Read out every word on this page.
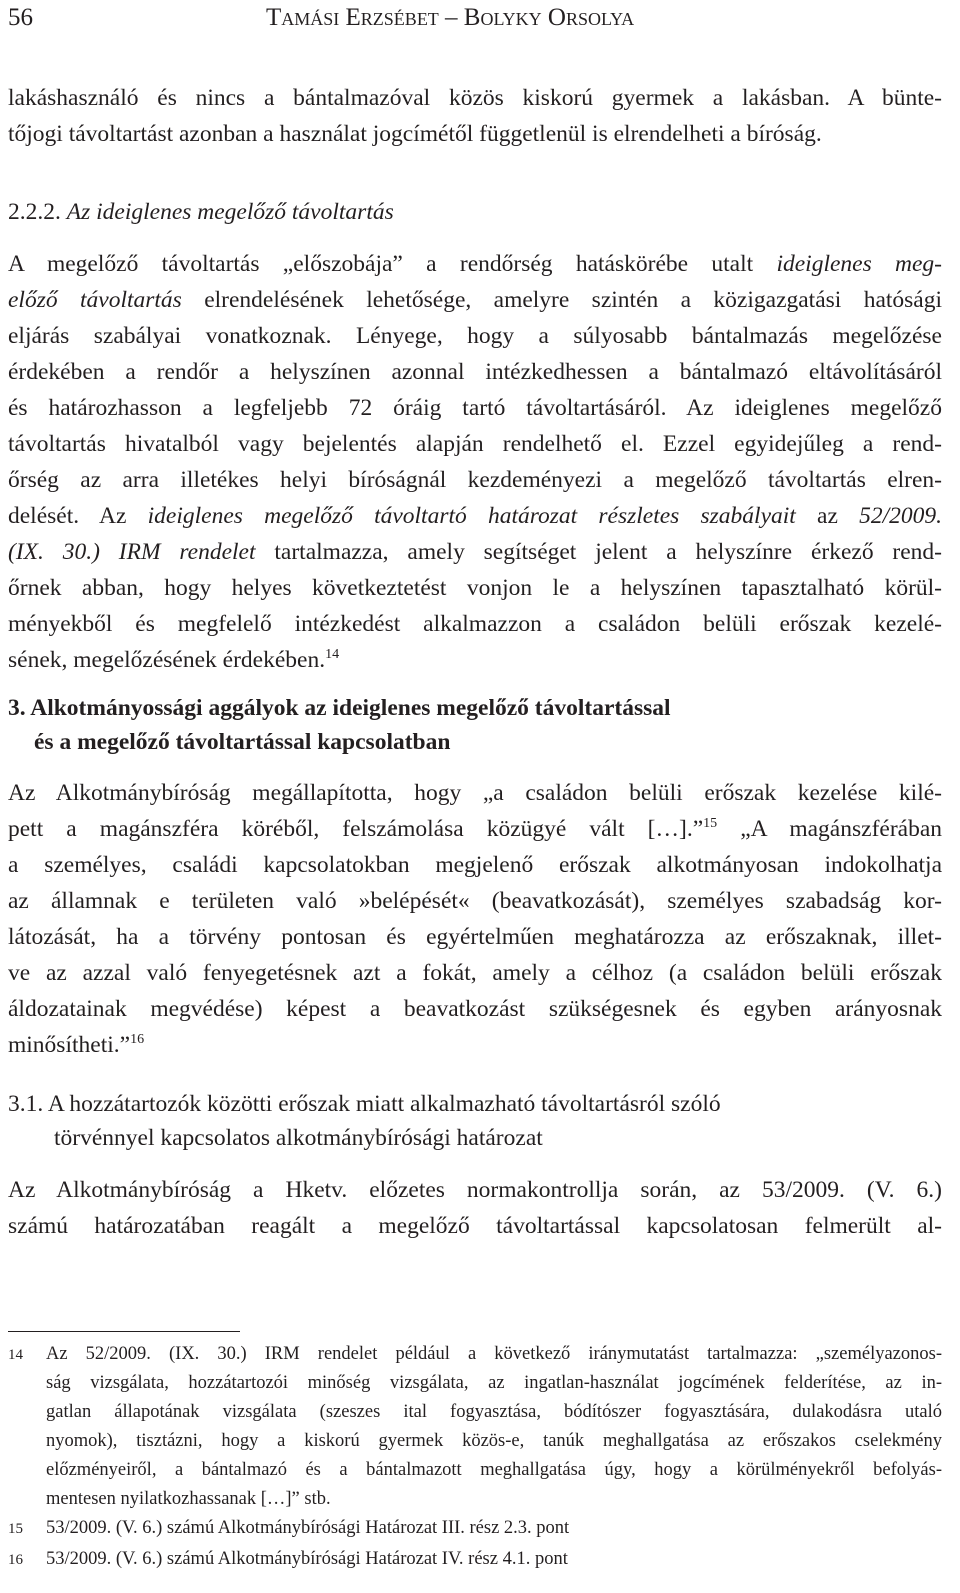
56	Tamási Erzsébet – Bolyky Orsolya
lakáshasználó és nincs a bántalmazóval közös kiskorú gyermek a lakásban. A bünte-
tőjogi távoltartást azonban a használat jogcímétől függetlenül is elrendelheti a bíróság.
2.2.2. Az ideiglenes megelőző távoltartás
A megelőző távoltartás „előszobája” a rendőrség hatáskörébe utalt ideiglenes meg-
előző távoltartás elrendelésének lehetősége, amelyre szintén a közigazgatási hatósági
eljárás szabályai vonatkoznak. Lényege, hogy a súlyosabb bántalmazás megelőzése
érdekében a rendőr a helyszínen azonnal intézkedhessen a bántalmazó eltávolításáról
és határozhasson a legfeljebb 72 óráig tartó távoltartásáról. Az ideiglenes megelőző
távoltartás hivatalból vagy bejelentés alapján rendelhető el. Ezzel egyidejűleg a rend-
őrség az arra illetékes helyi bíróságnál kezdeményezi a megelőző távoltartás elren-
delését. Az ideiglenes megelőző távoltartó határozat részletes szabályait az 52/2009.
(IX. 30.) IRM rendelet tartalmazza, amely segítséget jelent a helyszínre érkező rend-
őrnek abban, hogy helyes következtetést vonjon le a helyszínen tapasztalható körül-
ményekből és megfelelő intézkedést alkalmazzon a családon belüli erőszak kezelé-
sének, megelőzésének érdekében.$^{14}$
3. Alkotmányossági aggályok az ideiglenes megelőző távoltartással
és a megelőző távoltartással kapcsolatban
Az Alkotmánybíróság megállapította, hogy „a családon belüli erőszak kezelése kilé-
pett a magánszféra köréből, felszámolása közügyé vált […].”$^{15}$ „A magánszférában
a személyes, családi kapcsolatokban megjelenő erőszak alkotmányosan indokolhatja
az államnak e területen való »belépését« (beavatkozását), személyes szabadság kor-
látozását, ha a törvény pontosan és egyértelműen meghatározza az erőszaknak, illet-
ve az azzal való fenyegetésnek azt a fokát, amely a célhoz (a családon belüli erőszak
áldozatainak megvédése) képest a beavatkozást szükségesnek és egyben arányosnak
minősítheti.”$^{16}$
3.1. A hozzátartozók közötti erőszak miatt alkalmazható távoltartásról szóló
törvénnyel kapcsolatos alkotmánybírósági határozat
Az Alkotmánybíróság a Hketv. előzetes normakontrollja során, az 53/2009. (V. 6.)
számú határozatában reagált a megelőző távoltartással kapcsolatosan felmerült al-
14 Az 52/2009. (IX. 30.) IRM rendelet például a következő iránymutatást tartalmazza: „személyazonos-
ság vizsgálata, hozzátartozói minőség vizsgálata, az ingatlan-használat jogcímének felderítése, az in-
gatlan állapotának vizsgálata (szeszes ital fogyasztása, bódítószer fogyasztására, dulakodásra utaló
nyomok), tisztázni, hogy a kiskorú gyermek közös-e, tanúk meghallgatása az erőszakos cselekmény
előzményeiről, a bántalmazó és a bántalmazott meghallgatása úgy, hogy a körülményekről befolyás-
mentesen nyilatkozhassanak […]” stb.
15 53/2009. (V. 6.) számú Alkotmánybírósági Határozat III. rész 2.3. pont
16 53/2009. (V. 6.) számú Alkotmánybírósági Határozat IV. rész 4.1. pont
